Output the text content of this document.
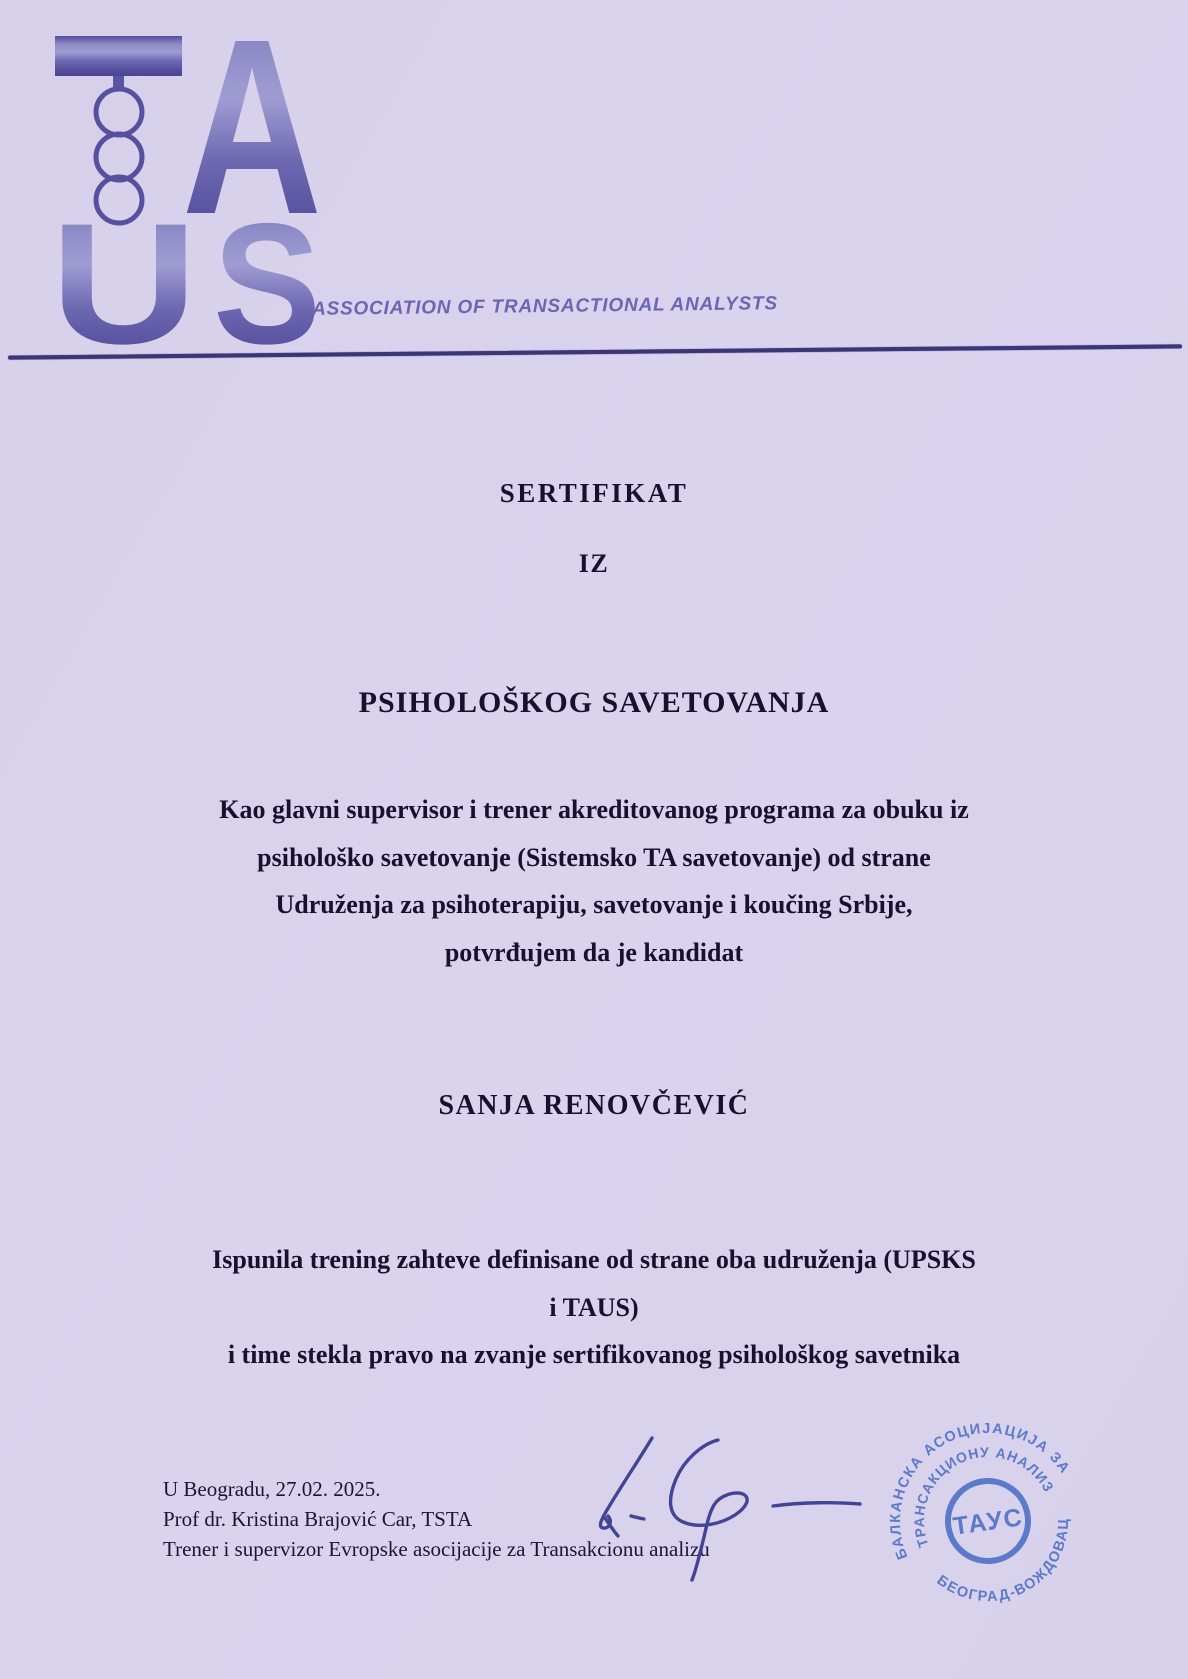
A
U S
ASSOCIATION OF TRANSACTIONAL ANALYSTS
SERTIFIKAT
IZ
PSIHOLOŠKOG SAVETOVANJA
Kao glavni supervisor i trener akreditovanog programa za obuku iz
psihološko savetovanje (Sistemsko TA savetovanje) od strane
Udruženja za psihoterapiju, savetovanje i koučing Srbije,
potvrđujem da je kandidat
SANJA RENOVČEVIĆ
Ispunila trening zahteve definisane od strane oba udruženja (UPSKS
i TAUS)
i time stekla pravo na zvanje sertifikovanog psihološkog savetnika
U Beogradu, 27.02. 2025.
Prof dr. Kristina Brajović Car, TSTA
Trener i supervizor Evropske asocijacije za Transakcionu analizu	БАЛКАНСКА АСОЦИЈАЦИЈА ЗА
ТРАНСАКЦИОНУ АНАЛИЗУ
БЕОГРАД-ВОЖДОВАЦ
ТАУС
